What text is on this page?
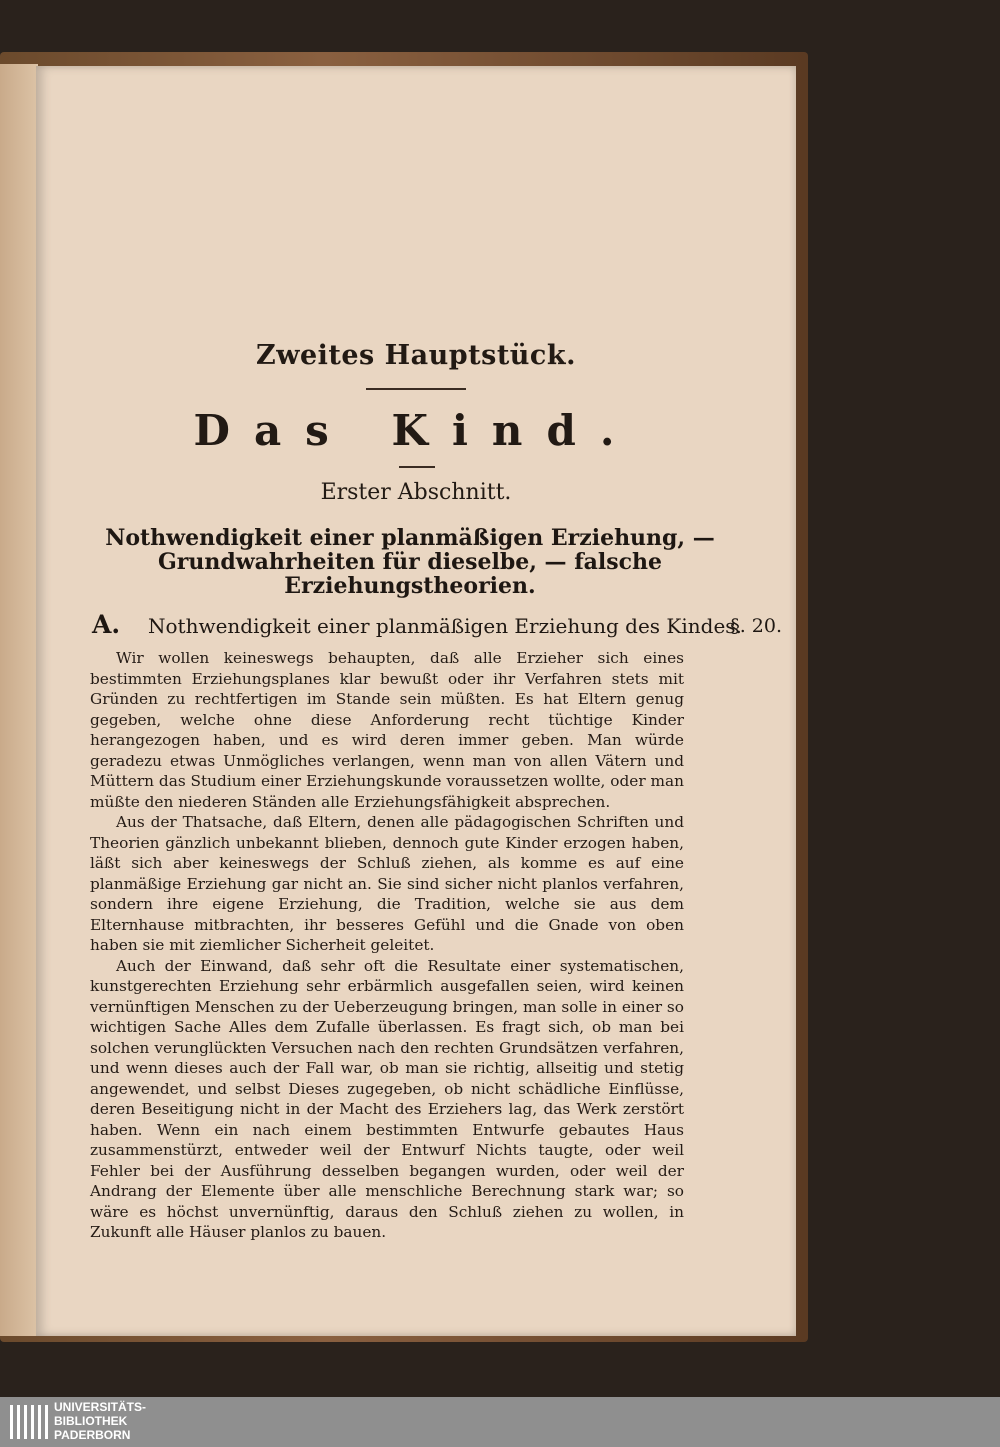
Zweites Hauptstück.
Das Kind.
Erster Abschnitt.
Nothwendigkeit einer planmäßigen Erziehung, — Grundwahrheiten für dieselbe, — falsche Erziehungstheorien.
A. Nothwendigkeit einer planmäßigen Erziehung des Kindes.
§. 20.

Wir wollen keineswegs behaupten, daß alle Erzieher sich eines bestimmten Erziehungsplanes klar bewußt oder ihr Verfahren stets mit Gründen zu rechtfertigen im Stande sein müßten. Es hat Eltern genug gegeben, welche ohne diese Anforderung recht tüchtige Kinder herangezogen haben, und es wird deren immer geben. Man würde geradezu etwas Unmögliches verlangen, wenn man von allen Vätern und Müttern das Studium einer Erziehungskunde voraussetzen wollte, oder man müßte den niederen Ständen alle Erziehungsfähigkeit absprechen.

Aus der Thatsache, daß Eltern, denen alle pädagogischen Schriften und Theorien gänzlich unbekannt blieben, dennoch gute Kinder erzogen haben, läßt sich aber keineswegs der Schluß ziehen, als komme es auf eine planmäßige Erziehung gar nicht an. Sie sind sicher nicht planlos verfahren, sondern ihre eigene Erziehung, die Tradition, welche sie aus dem Elternhause mitbrachten, ihr besseres Gefühl und die Gnade von oben haben sie mit ziemlicher Sicherheit geleitet.

Auch der Einwand, daß sehr oft die Resultate einer systematischen, kunstgerechten Erziehung sehr erbärmlich ausgefallen seien, wird keinen vernünftigen Menschen zu der Ueberzeugung bringen, man solle in einer so wichtigen Sache Alles dem Zufalle überlassen. Es fragt sich, ob man bei solchen verunglückten Versuchen nach den rechten Grundsätzen verfahren, und wenn dieses auch der Fall war, ob man sie richtig, allseitig und stetig angewendet, und selbst Dieses zugegeben, ob nicht schädliche Einflüsse, deren Beseitigung nicht in der Macht des Erziehers lag, das Werk zerstört haben. Wenn ein nach einem bestimmten Entwurfe gebautes Haus zusammenstürzt, entweder weil der Entwurf Nichts taugte, oder weil Fehler bei der Ausführung desselben begangen wurden, oder weil der Andrang der Elemente über alle menschliche Berechnung stark war; so wäre es höchst unvernünftig, daraus den Schluß ziehen zu wollen, in Zukunft alle Häuser planlos zu bauen.

UNIVERSITÄTS-
BIBLIOTHEK
PADERBORN
